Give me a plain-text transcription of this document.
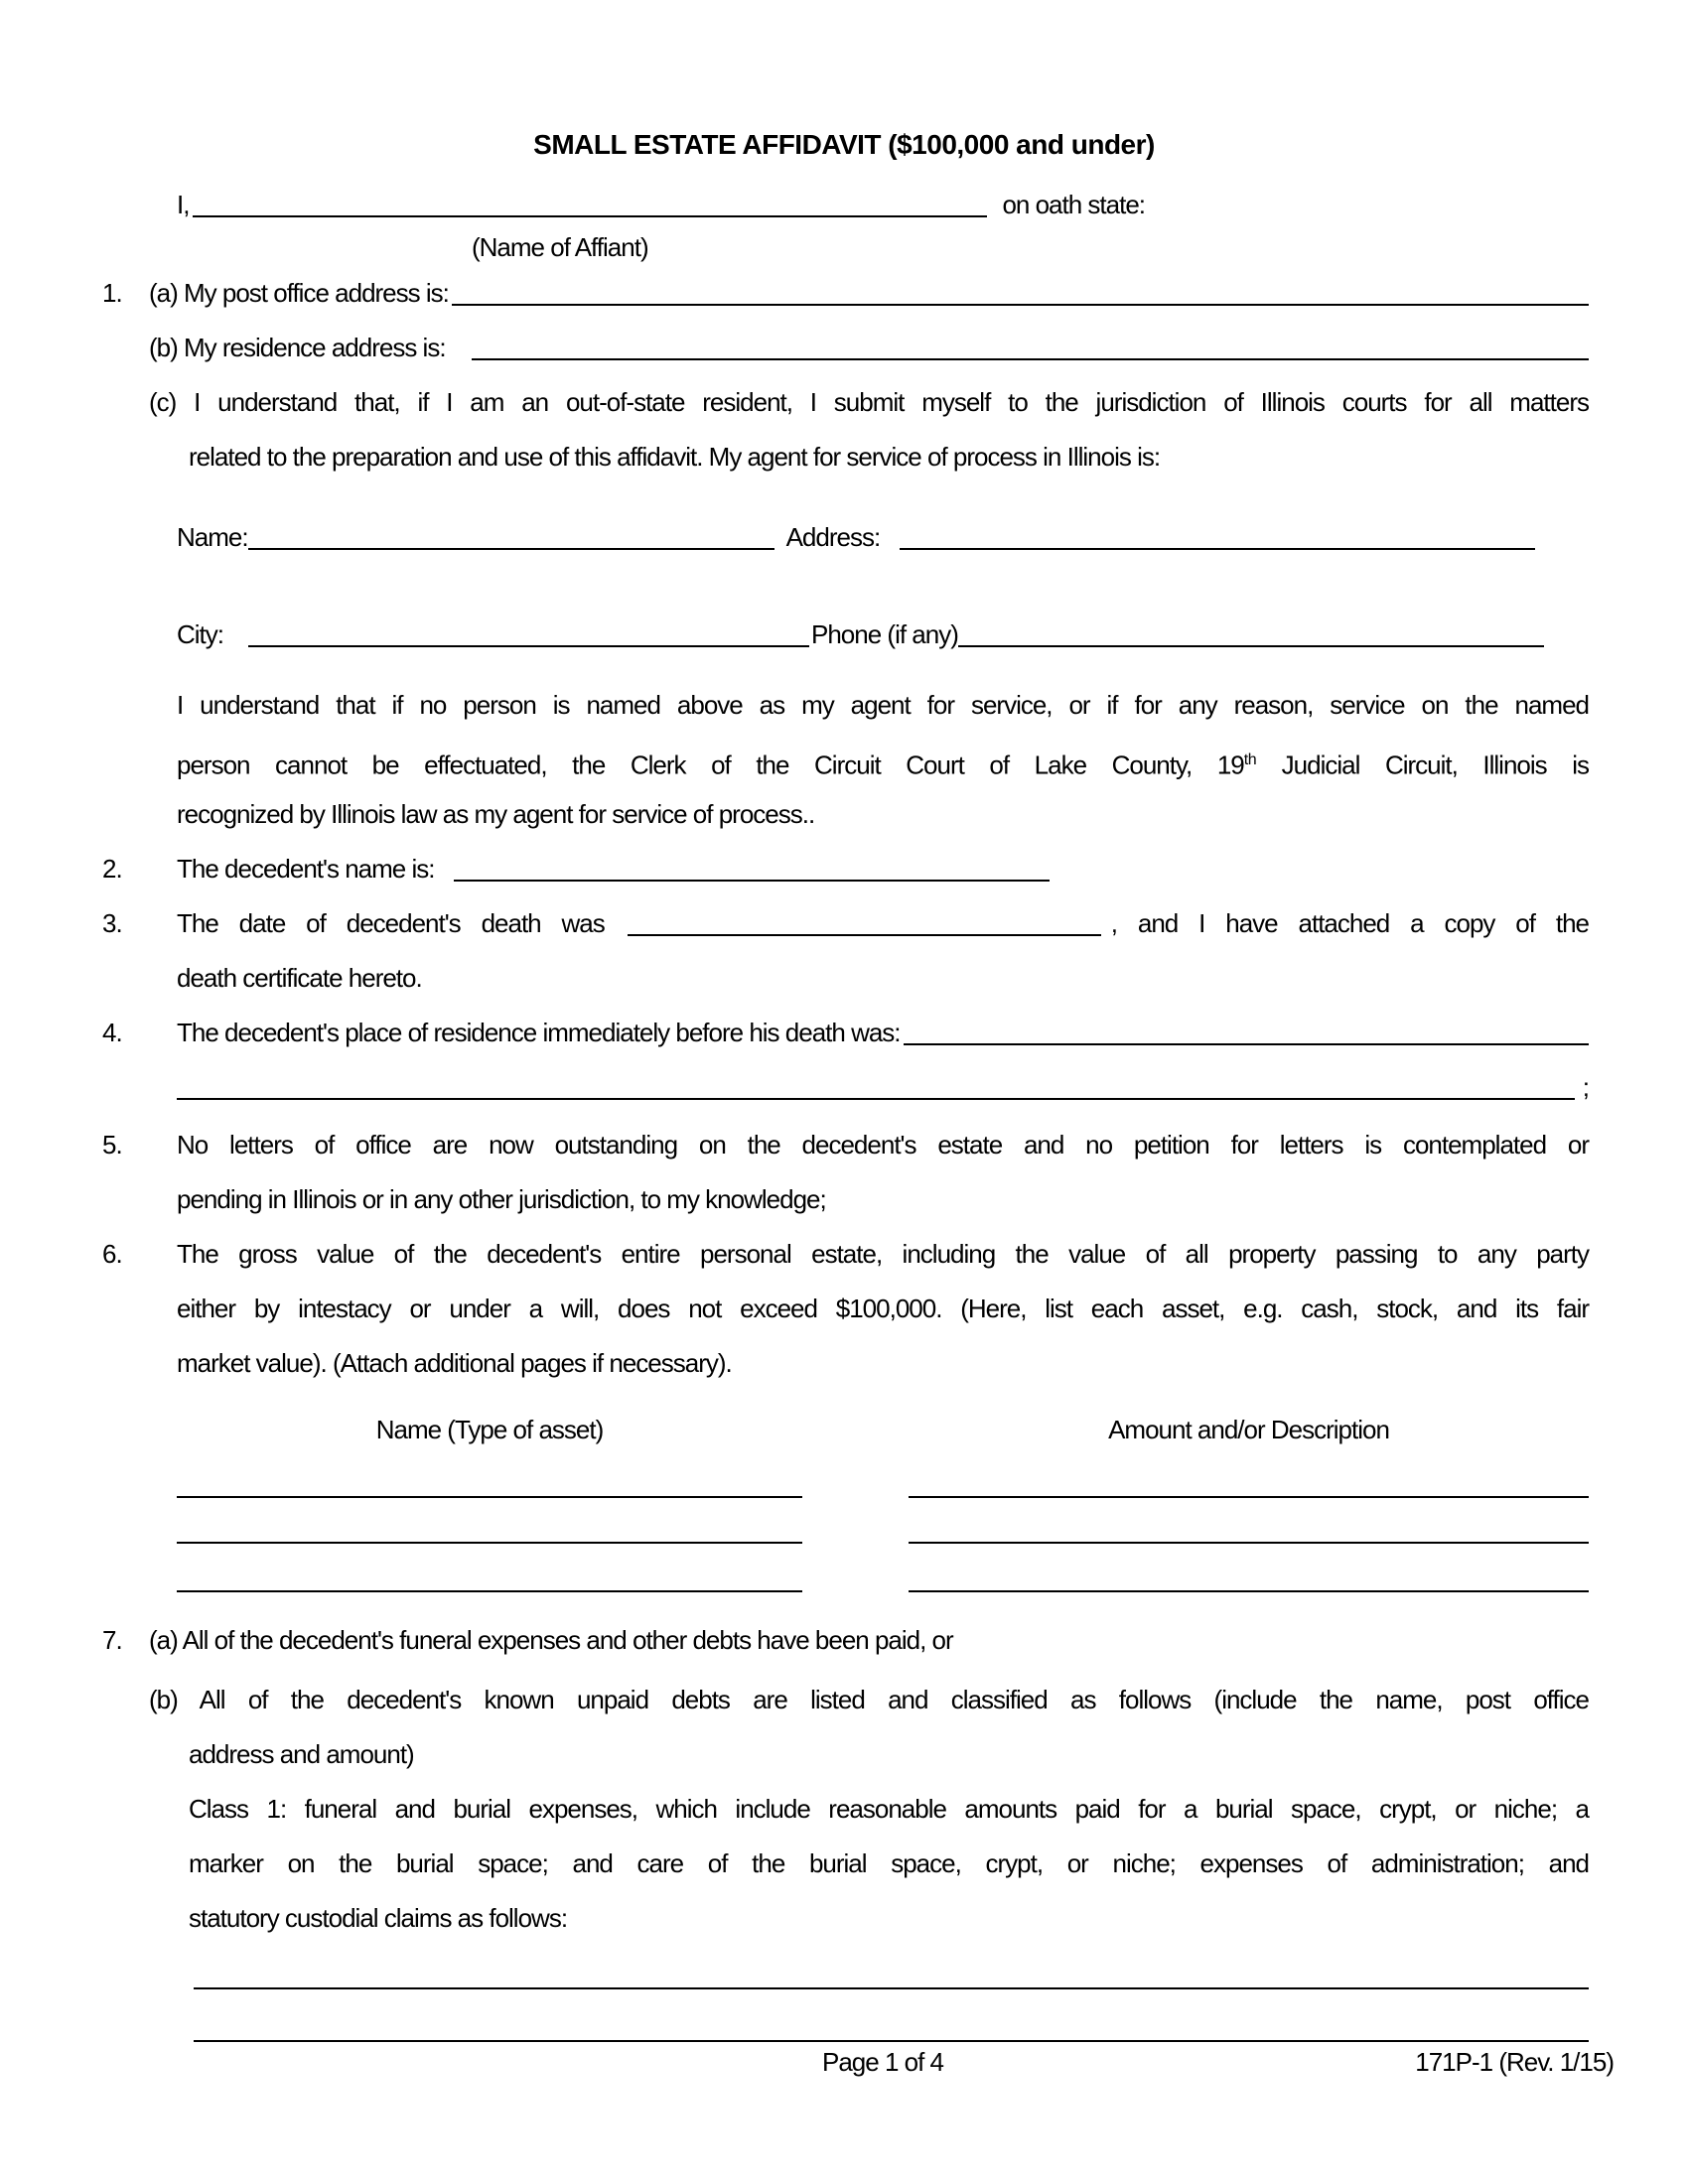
SMALL ESTATE AFFIDAVIT ($100,000 and under)
I,	on oath state:
(Name of Affiant)
1. (a) My post office address is:
(b) My residence address is:
(c) I understand that, if I am an out-of-state resident, I submit myself to the jurisdiction of Illinois courts for all matters
related to the preparation and use of this affidavit. My agent for service of process in Illinois is:
Name:	Address:
City:	Phone (if any)
I understand that if no person is named above as my agent for service, or if for any reason, service on the named
person cannot be effectuated, the Clerk of the Circuit Court of Lake County, 19th Judicial Circuit, Illinois is
recognized by Illinois law as my agent for service of process..
2. The decedent's name is:
3. The date of decedent's death was	, and I have attached a copy of the
death certificate hereto.
4. The decedent's place of residence immediately before his death was:
;
5. No letters of office are now outstanding on the decedent's estate and no petition for letters is contemplated or
pending in Illinois or in any other jurisdiction, to my knowledge;
6. The gross value of the decedent's entire personal estate, including the value of all property passing to any party
either by intestacy or under a will, does not exceed $100,000. (Here, list each asset, e.g. cash, stock, and its fair
market value). (Attach additional pages if necessary).
Name (Type of asset)	Amount and/or Description
7. (a) All of the decedent's funeral expenses and other debts have been paid, or
(b) All of the decedent's known unpaid debts are listed and classified as follows (include the name, post office
address and amount)
Class 1: funeral and burial expenses, which include reasonable amounts paid for a burial space, crypt, or niche; a
marker on the burial space; and care of the burial space, crypt, or niche; expenses of administration; and
statutory custodial claims as follows:
Page 1 of 4	171P-1 (Rev. 1/15)
